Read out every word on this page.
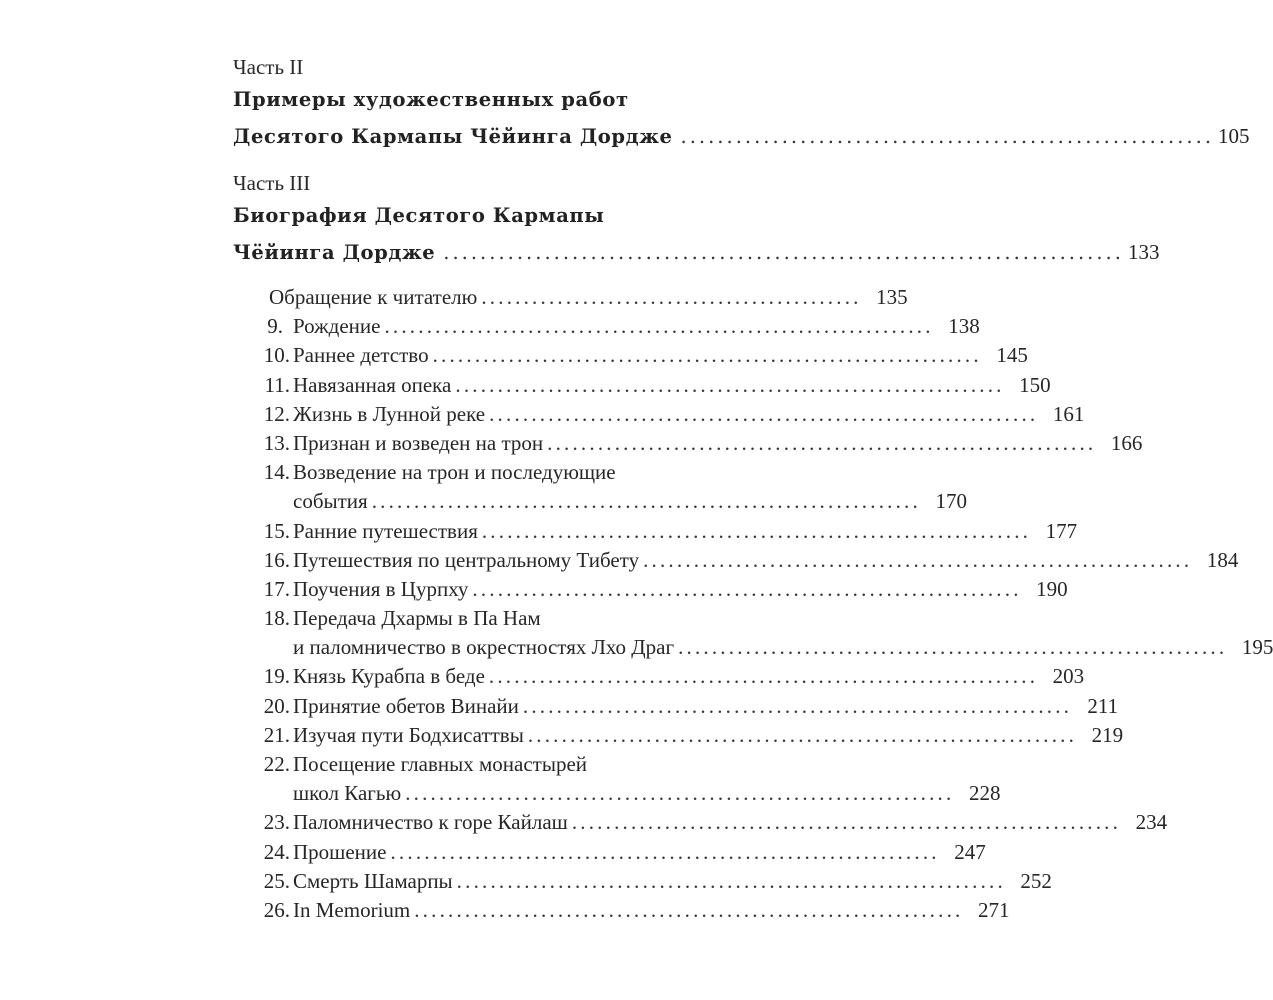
Часть II
Примеры художественных работ
Десятого Кармапы Чёйинга Дордже .......................................................... 105
Часть III
Биография Десятого Кармапы
Чёйинга Дордже .......................................................................... 133
Обращение к читателю ............................................. 135
9. Рождение ................................................................. 138
10. Раннее детство ................................................................. 145
11. Навязанная опека ................................................................. 150
12. Жизнь в Лунной реке ................................................................. 161
13. Признан и возведен на трон ................................................................. 166
14. Возведение на трон и последующие
события ................................................................. 170
15. Ранние путешествия ................................................................. 177
16. Путешествия по центральному Тибету ................................................................. 184
17. Поучения в Цурпху ................................................................. 190
18. Передача Дхармы в Па Нам
и паломничество в окрестностях Лхо Драг ................................................................. 195
19. Князь Курабпа в беде ................................................................. 203
20. Принятие обетов Винайи ................................................................. 211
21. Изучая пути Бодхисаттвы ................................................................. 219
22. Посещение главных монастырей
школ Кагью ................................................................. 228
23. Паломничество к горе Кайлаш ................................................................. 234
24. Прошение ................................................................. 247
25. Смерть Шамарпы ................................................................. 252
26. In Memorium ................................................................. 271
